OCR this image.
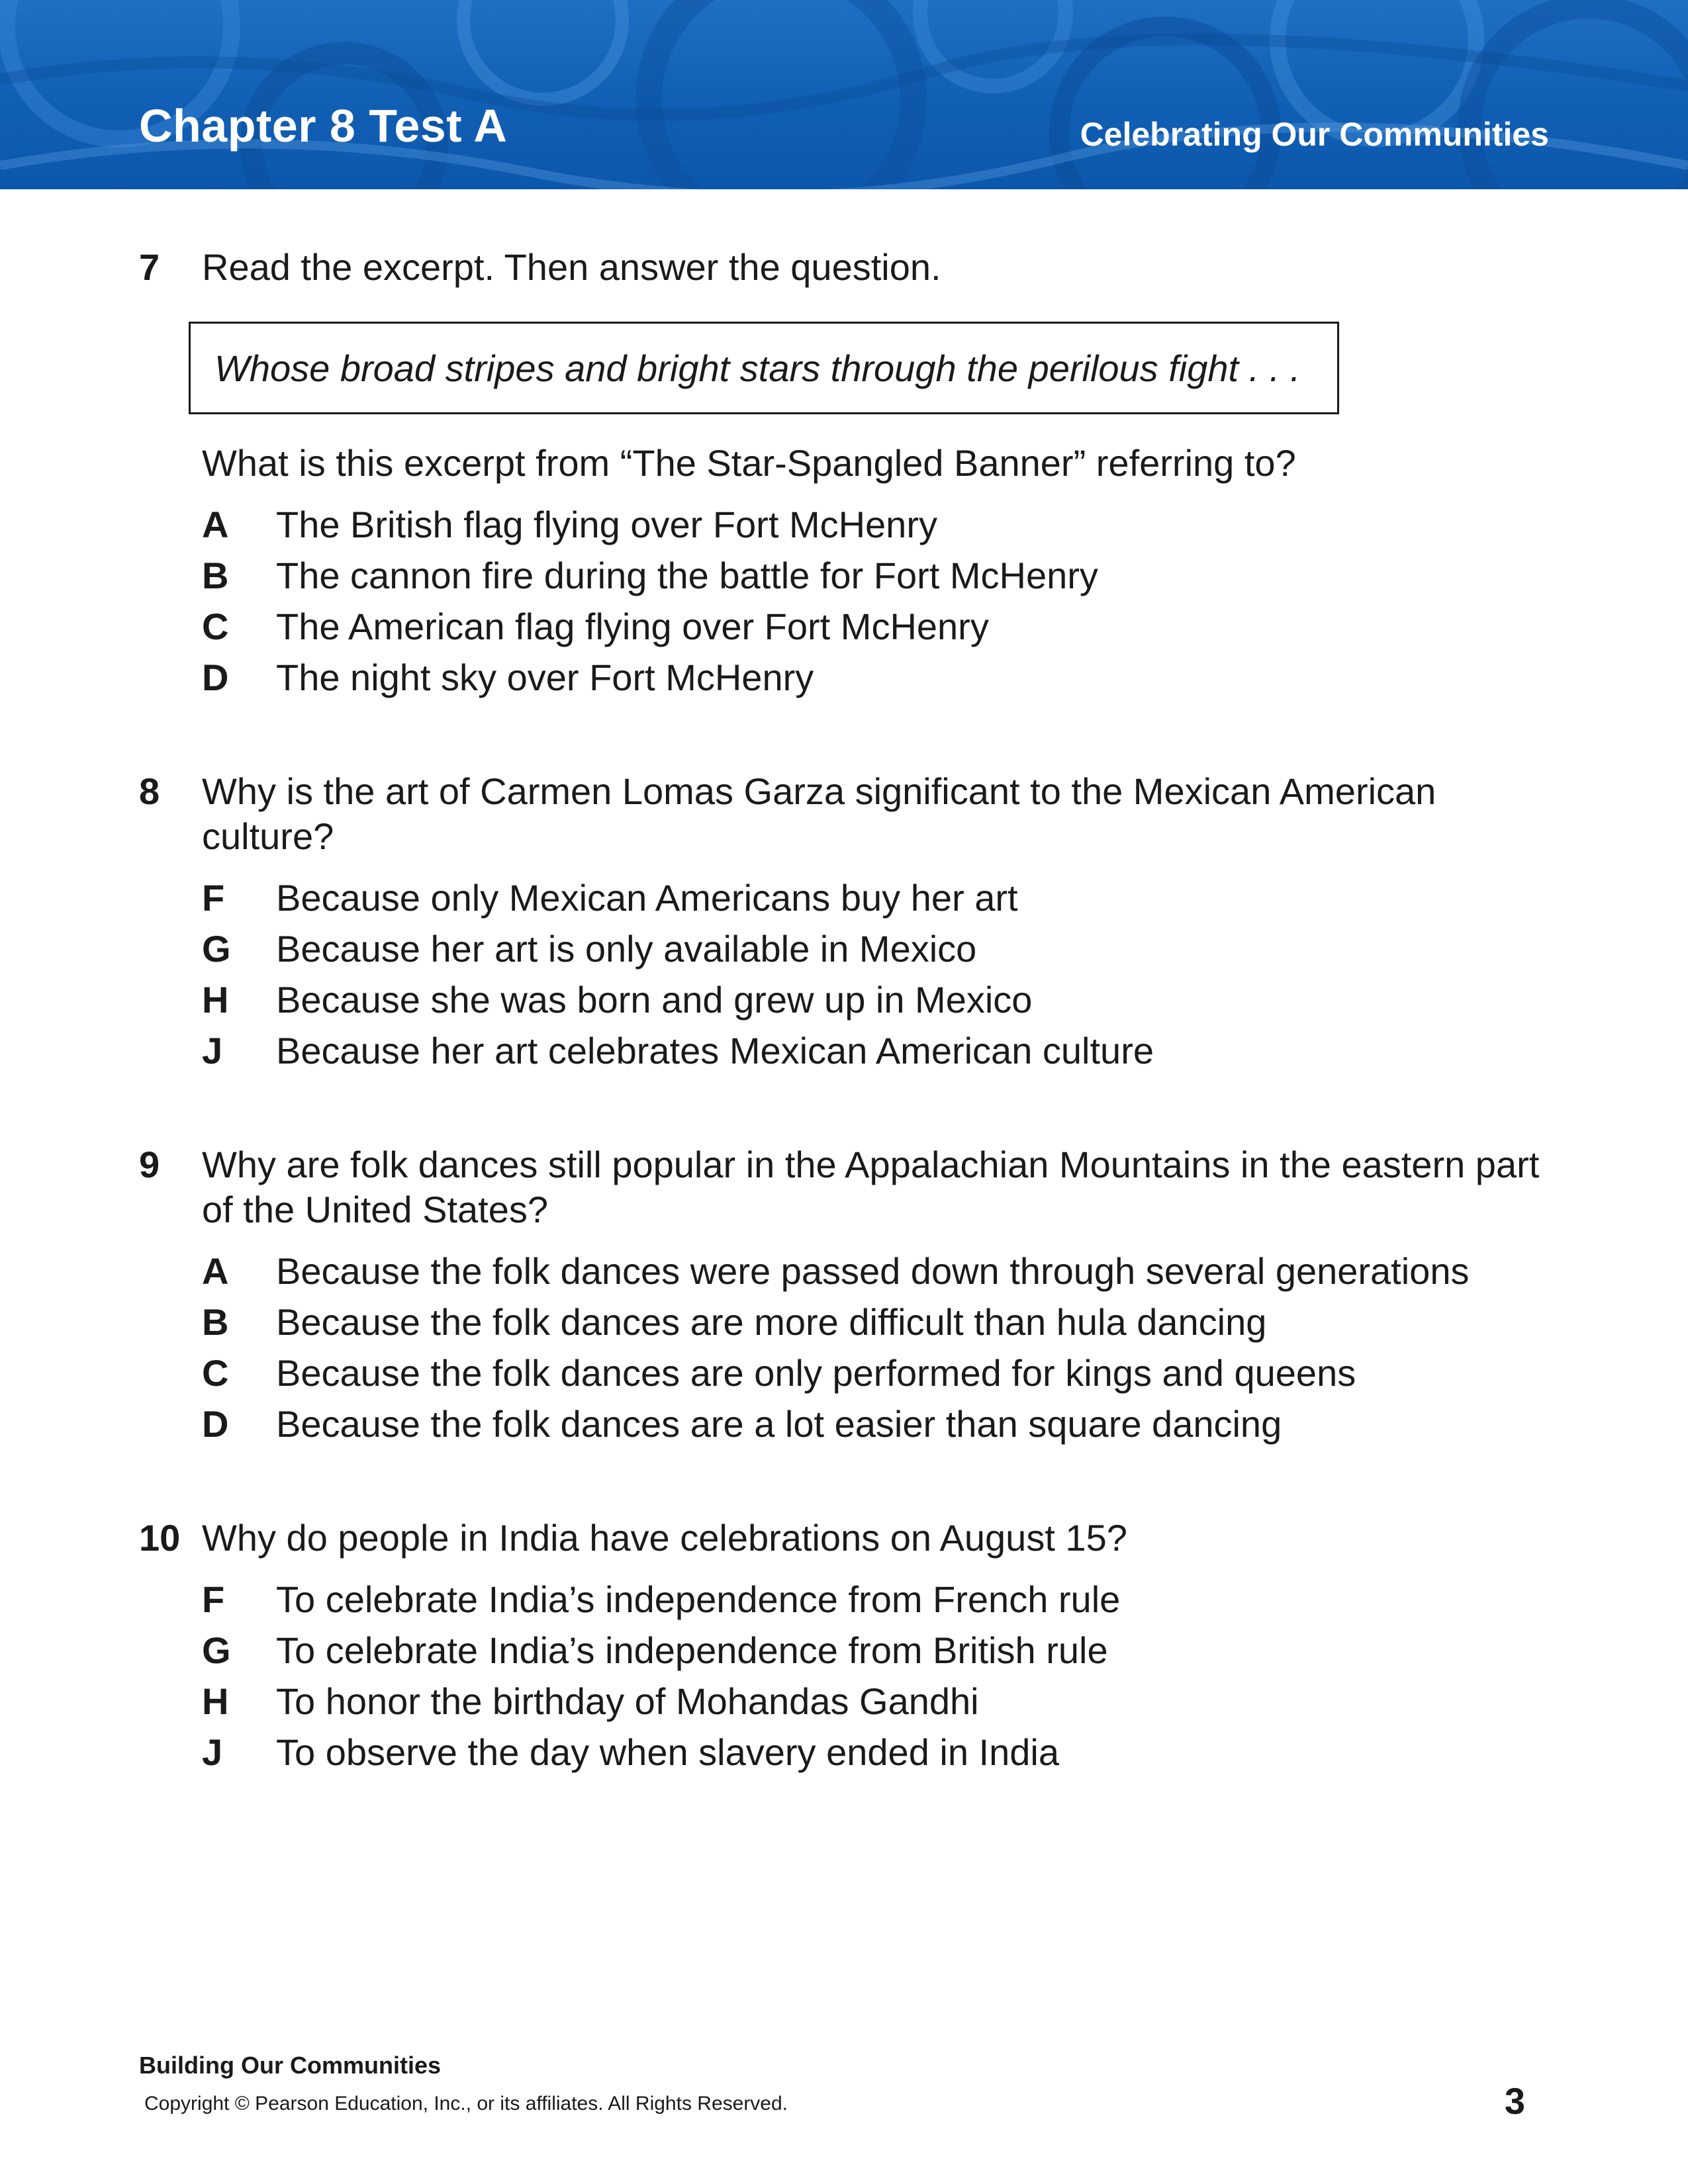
Chapter 8 Test A	Celebrating Our Communities
7 Read the excerpt. Then answer the question.
Whose broad stripes and bright stars through the perilous fight . . .
What is this excerpt from “The Star-Spangled Banner” referring to?
A	The British flag flying over Fort McHenry
B	The cannon fire during the battle for Fort McHenry
C	The American flag flying over Fort McHenry
D	The night sky over Fort McHenry
8 Why is the art of Carmen Lomas Garza significant to the Mexican American culture?
F	Because only Mexican Americans buy her art
G	Because her art is only available in Mexico
H	Because she was born and grew up in Mexico
J	Because her art celebrates Mexican American culture
9 Why are folk dances still popular in the Appalachian Mountains in the eastern part of the United States?
A	Because the folk dances were passed down through several generations
B	Because the folk dances are more difficult than hula dancing
C	Because the folk dances are only performed for kings and queens
D	Because the folk dances are a lot easier than square dancing
10 Why do people in India have celebrations on August 15?
F	To celebrate India’s independence from French rule
G	To celebrate India’s independence from British rule
H	To honor the birthday of Mohandas Gandhi
J	To observe the day when slavery ended in India
Building Our Communities
Copyright © Pearson Education, Inc., or its affiliates. All Rights Reserved.	3
